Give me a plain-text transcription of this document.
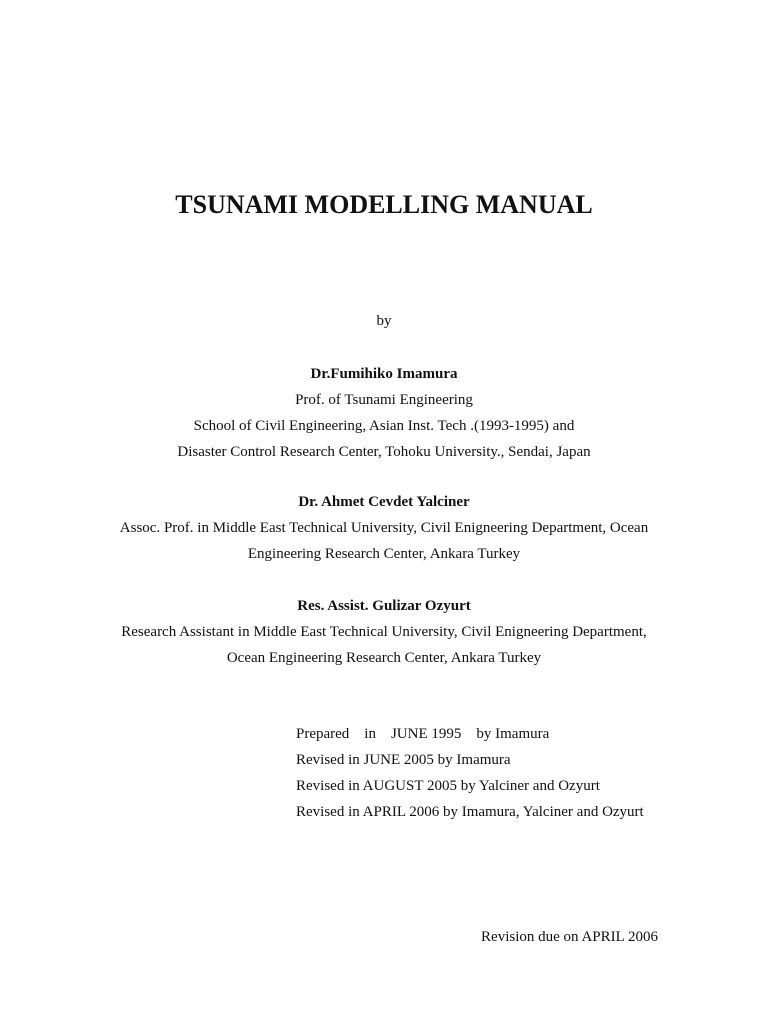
TSUNAMI MODELLING MANUAL
by
Dr.Fumihiko Imamura
Prof. of Tsunami Engineering
School of Civil Engineering, Asian Inst. Tech .(1993-1995) and
Disaster Control Research Center, Tohoku University., Sendai, Japan
Dr. Ahmet Cevdet Yalciner
Assoc. Prof. in Middle East Technical University, Civil Enigneering Department, Ocean
Engineering Research Center, Ankara Turkey
Res. Assist. Gulizar Ozyurt
Research Assistant in Middle East Technical University, Civil Enigneering Department,
Ocean Engineering Research Center, Ankara Turkey
Prepared    in    JUNE 1995    by Imamura
Revised in JUNE 2005 by Imamura
Revised in AUGUST 2005 by Yalciner and Ozyurt
Revised in APRIL 2006 by Imamura, Yalciner and Ozyurt
Revision due on APRIL 2006
